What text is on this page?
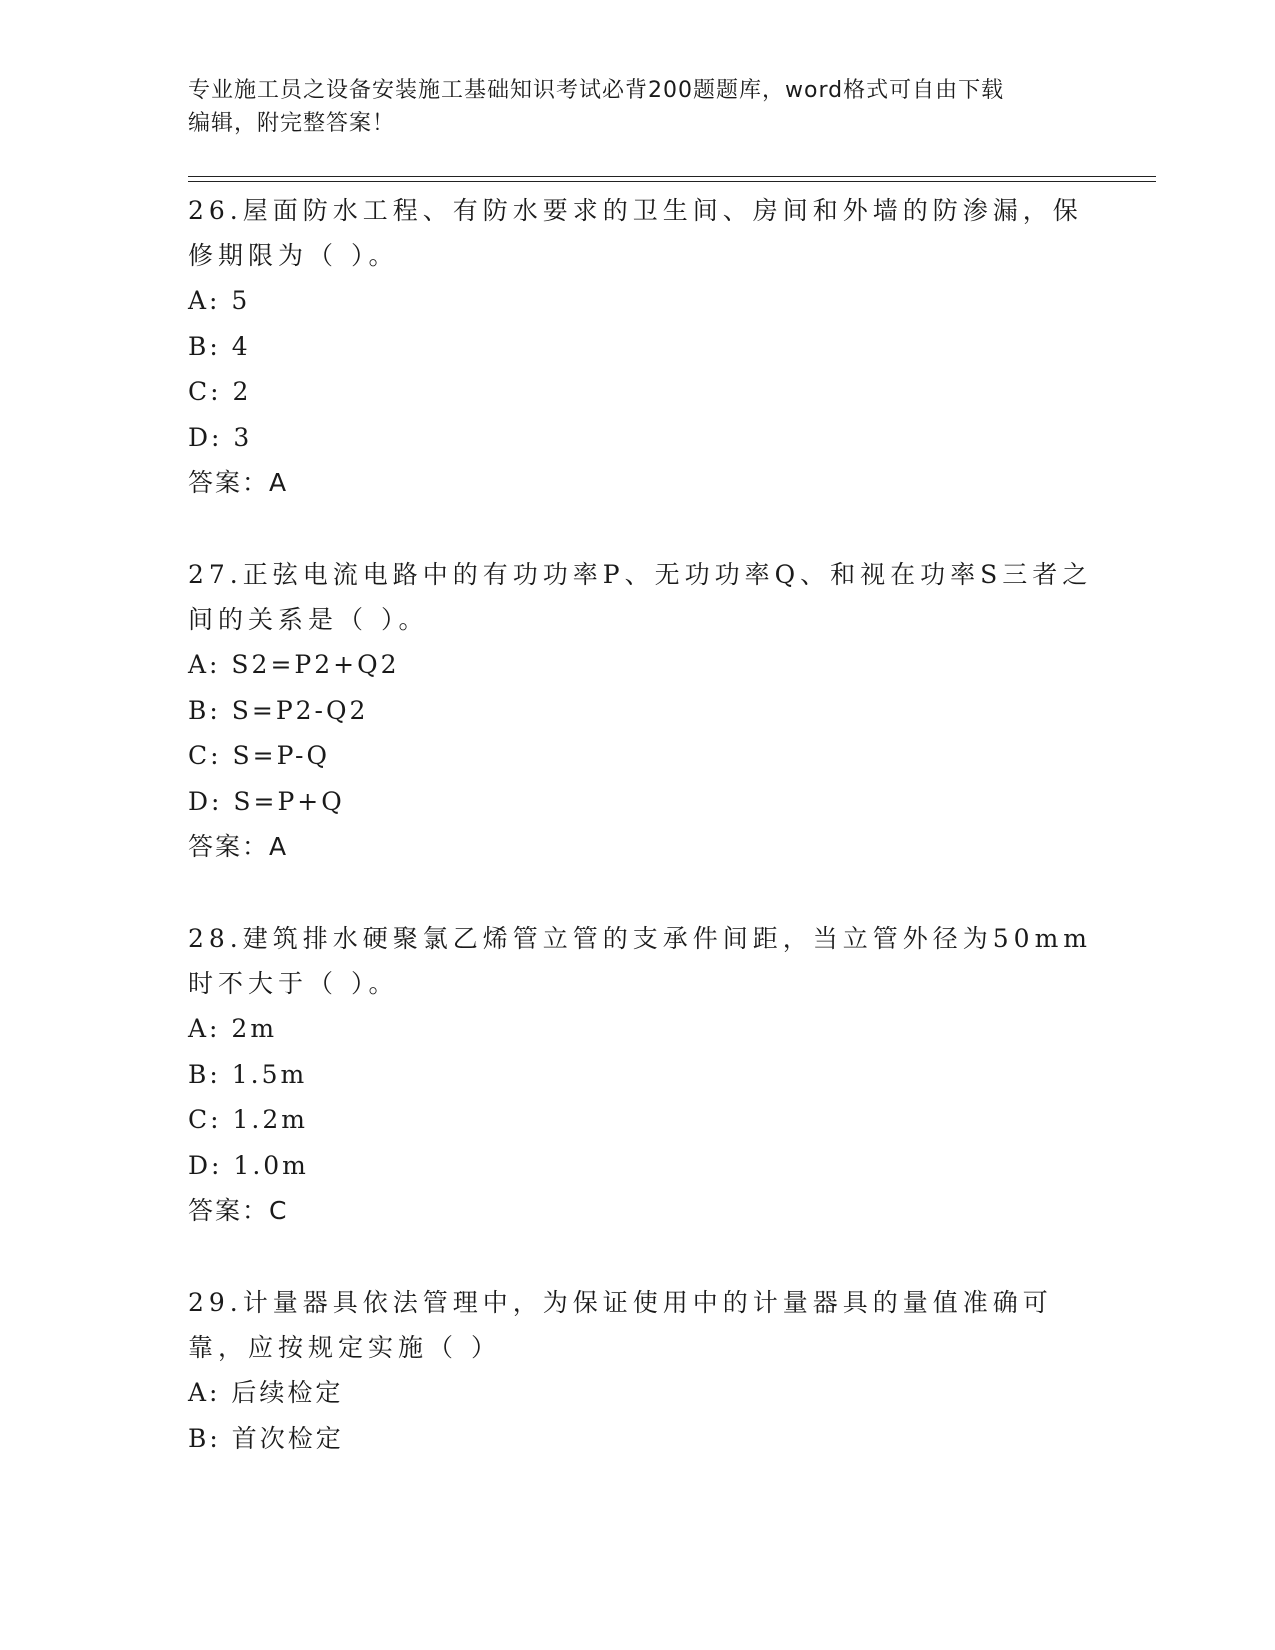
专业施工员之设备安装施工基础知识考试必背200题题库，word格式可自由下载
编辑，附完整答案！

26.屋面防水工程、有防水要求的卫生间、房间和外墙的防渗漏，保修期限为（ ）。

A: 5

B: 4

C: 2

D: 3

答案：A

27.正弦电流电路中的有功功率P、无功功率Q、和视在功率S三者之间的关系是（ ）。

A: S2=P2+Q2

B: S=P2-Q2

C: S=P-Q

D: S=P+Q

答案：A

28.建筑排水硬聚氯乙烯管立管的支承件间距，当立管外径为50mm时不大于（ ）。

A: 2m

B: 1.5m

C: 1.2m

D: 1.0m

答案：C

29.计量器具依法管理中，为保证使用中的计量器具的量值准确可靠，应按规定实施（ ）

A: 后续检定

B: 首次检定
